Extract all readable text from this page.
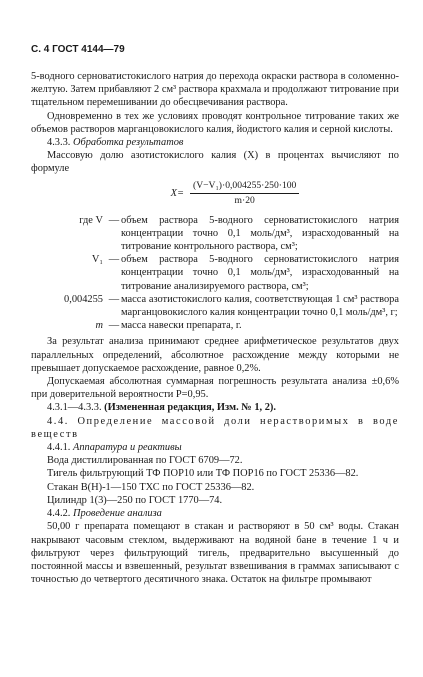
С. 4 ГОСТ 4144—79

5-водного серноватистокислого натрия до перехода окраски раствора в соломенно-желтую. Затем прибавляют 2 см³ раствора крахмала и продолжают титрование при тщательном перемешивании до обесцвечивания раствора.

Одновременно в тех же условиях проводят контрольное титрование таких же объемов растворов марганцовокислого калия, йодистого калия и серной кислоты.

4.3.3. Обработка результатов

Массовую долю азотистокислого калия (X) в процентах вычисляют по формуле

$X= \frac{\text{(V−V₁)·0,004255·250·100}}{m\cdot 20}$
где V — объем раствора 5-водного серноватистокислого натрия концентрации точно 0,1 моль/дм³, израсходованный на титрование контрольного раствора, см³;
V₁ — объем раствора 5-водного серноватистокислого натрия концентрации точно 0,1 моль/дм³, израсходованный на титрование анализируемого раствора, см³;
0,004255 — масса азотистокислого калия, соответствующая 1 см³ раствора марганцовокислого калия концентрации точно 0,1 моль/дм³, г;
m — масса навески препарата, г.

За результат анализа принимают среднее арифметическое результатов двух параллельных определений, абсолютное расхождение между которыми не превышает допускаемое расхождение, равное 0,2%.

Допускаемая абсолютная суммарная погрешность результата анализа ±0,6% при доверительной вероятности P=0,95.

4.3.1—4.3.3. (Измененная редакция, Изм. № 1, 2).

4.4. Определение массовой доли нерастворимых в воде веществ

4.4.1. Аппаратура и реактивы

Вода дистиллированная по ГОСТ 6709—72.

Тигель фильтрующий ТФ ПОР10 или ТФ ПОР16 по ГОСТ 25336—82.

Стакан В(Н)-1—150 ТХС по ГОСТ 25336—82.

Цилиндр 1(3)—250 по ГОСТ 1770—74.

4.4.2. Проведение анализа

50,00 г препарата помещают в стакан и растворяют в 50 см³ воды. Стакан накрывают часовым стеклом, выдерживают на водяной бане в течение 1 ч и фильтруют через фильтрующий тигель, предварительно высушенный до постоянной массы и взвешенный, результат взвешивания в граммах записывают с точностью до четвертого десятичного знака. Остаток на фильтре промывают
